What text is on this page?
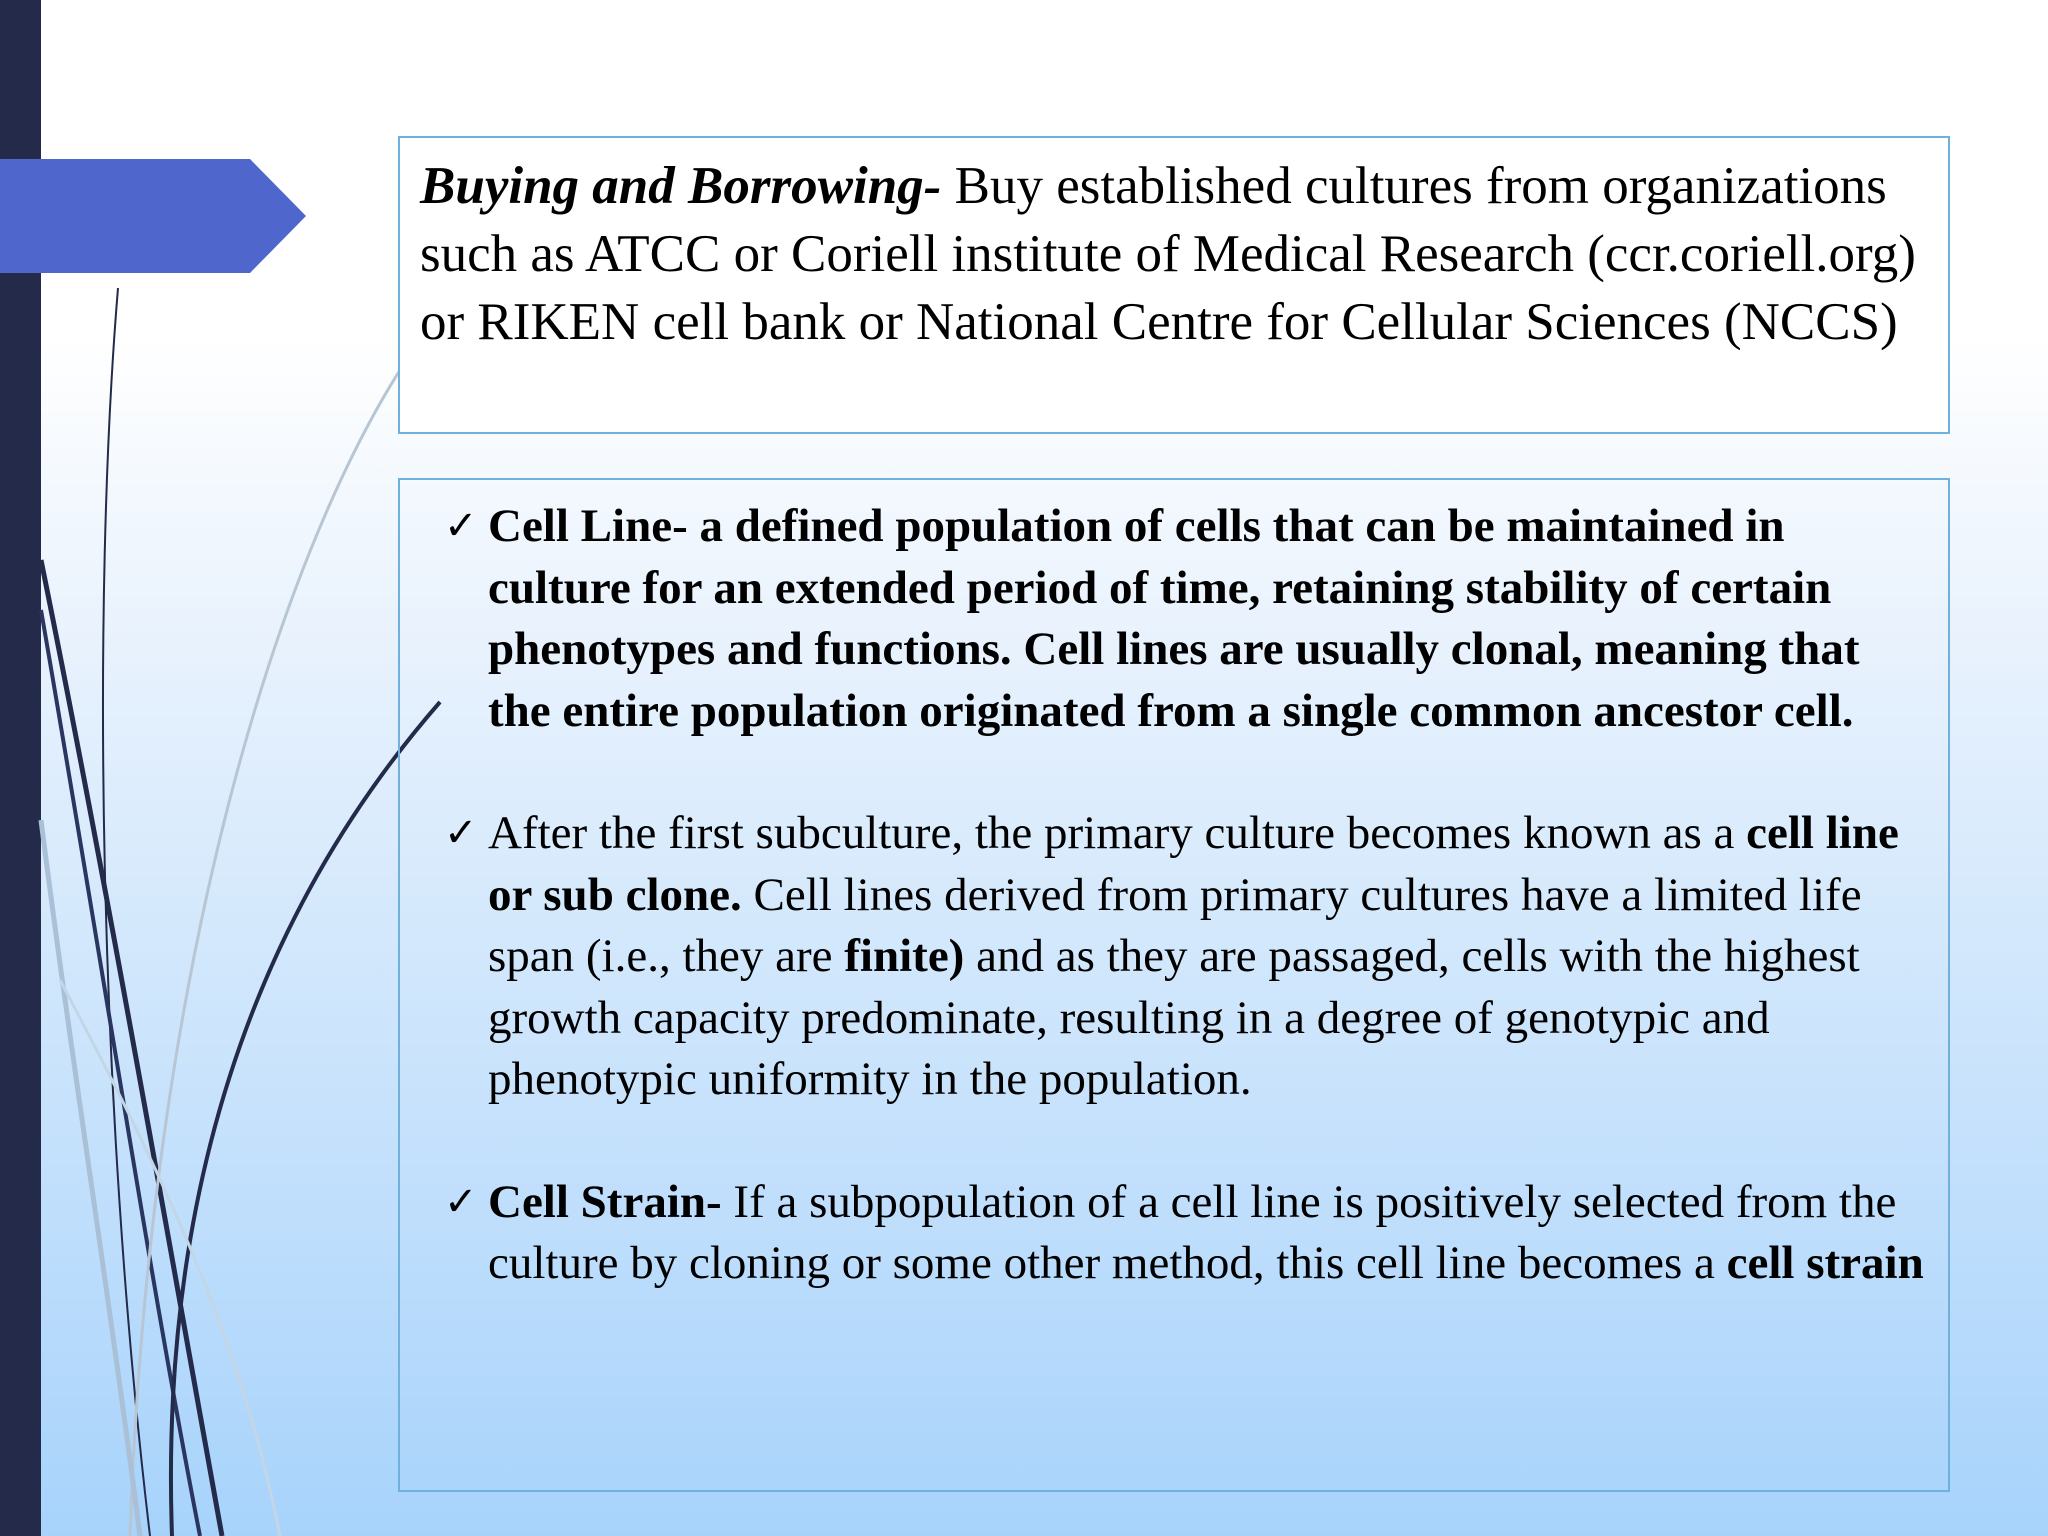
Buying and Borrowing- Buy established cultures from organizations such as ATCC or Coriell institute of Medical Research (ccr.coriell.org) or RIKEN cell bank or National Centre for Cellular Sciences (NCCS)
✓ Cell Line- a defined population of cells that can be maintained in culture for an extended period of time, retaining stability of certain phenotypes and functions. Cell lines are usually clonal, meaning that the entire population originated from a single common ancestor cell.
✓ After the first subculture, the primary culture becomes known as a cell line or sub clone. Cell lines derived from primary cultures have a limited life span (i.e., they are finite) and as they are passaged, cells with the highest growth capacity predominate, resulting in a degree of genotypic and phenotypic uniformity in the population.
✓ Cell Strain- If a subpopulation of a cell line is positively selected from the culture by cloning or some other method, this cell line becomes a cell strain
